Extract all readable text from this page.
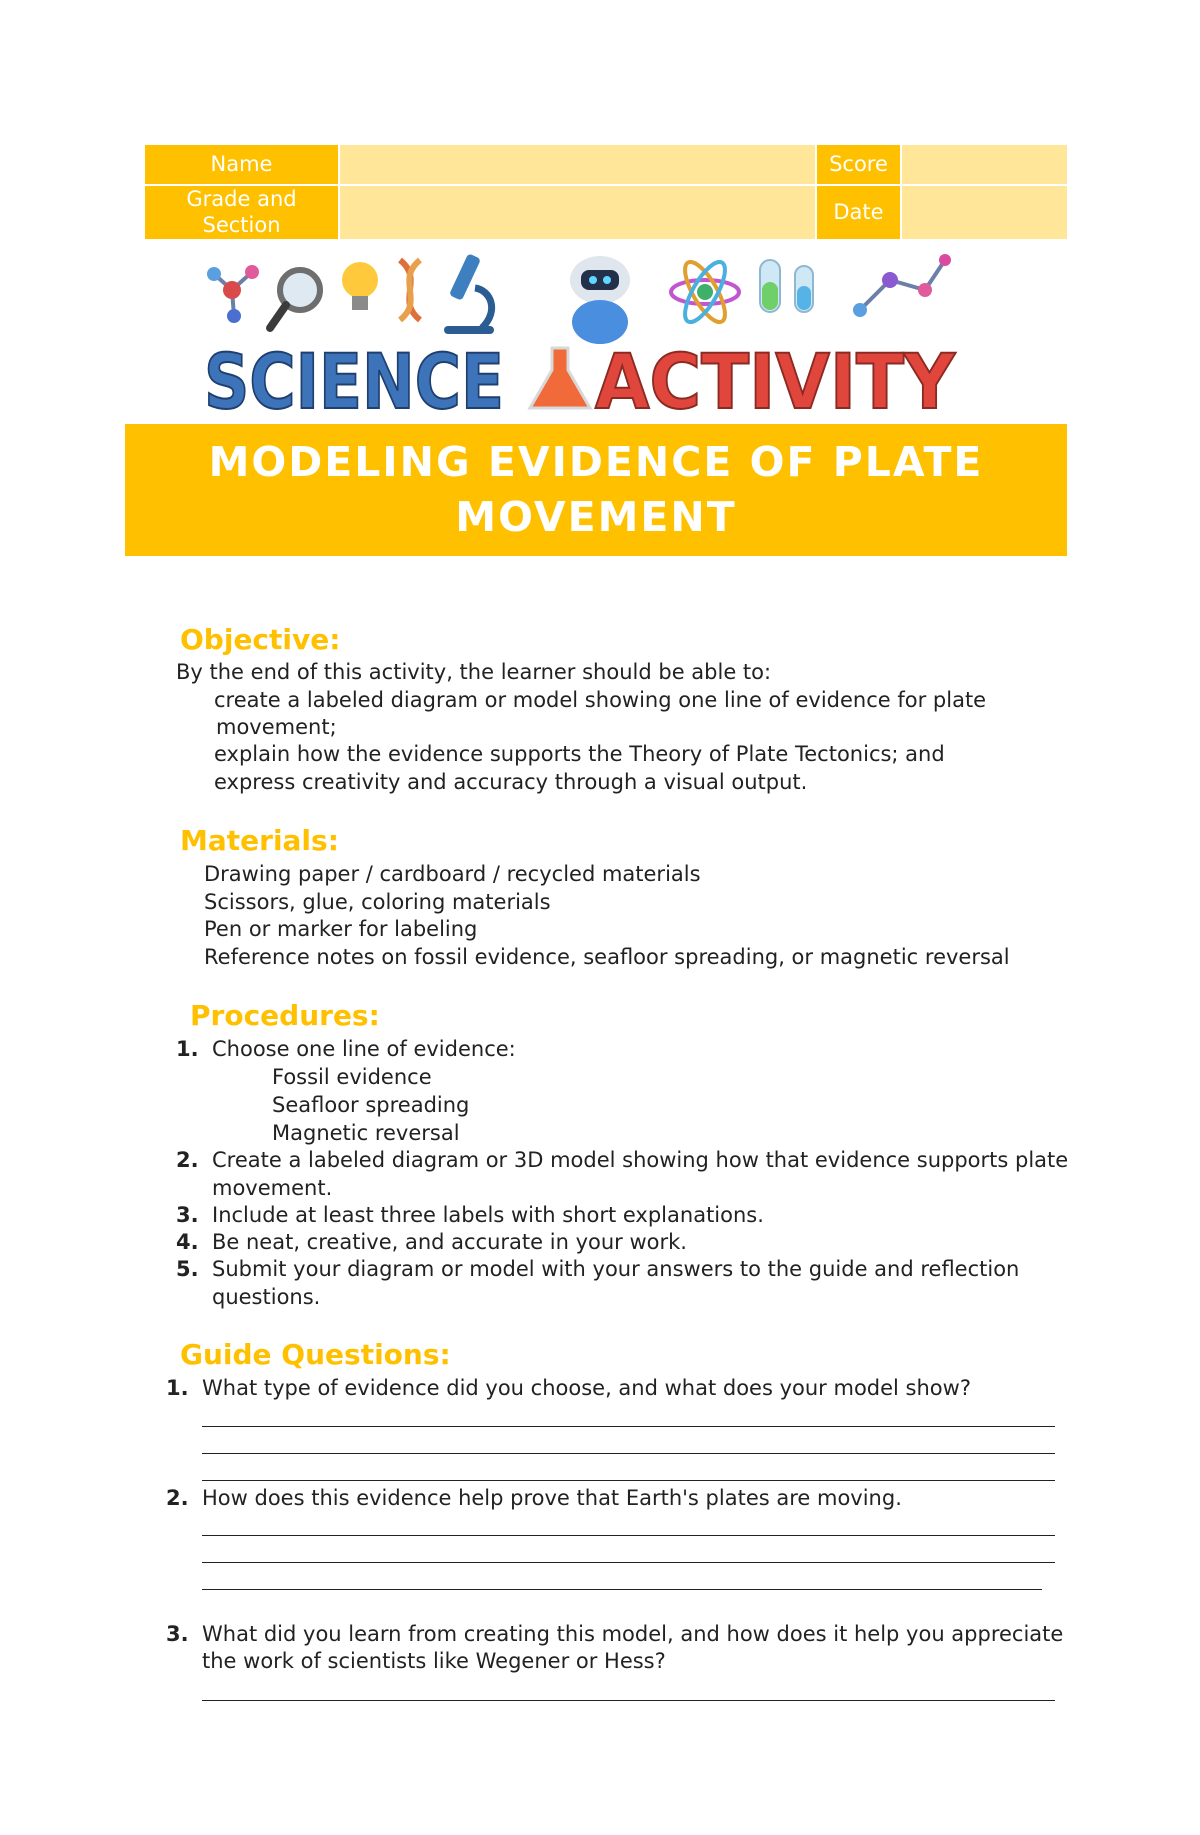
Name		Score	
Grade and Section		Date	
SCIENCE ACTIVITY
MODELING EVIDENCE OF PLATE MOVEMENT
Objective:
By the end of this activity, the learner should be able to:
create a labeled diagram or model showing one line of evidence for plate
movement;
explain how the evidence supports the Theory of Plate Tectonics; and
express creativity and accuracy through a visual output.
Materials:
Drawing paper / cardboard / recycled materials
Scissors, glue, coloring materials
Pen or marker for labeling
Reference notes on fossil evidence, seafloor spreading, or magnetic reversal
Procedures:
1. Choose one line of evidence:
Fossil evidence
Seafloor spreading
Magnetic reversal
2. Create a labeled diagram or 3D model showing how that evidence supports plate
movement.
3. Include at least three labels with short explanations.
4. Be neat, creative, and accurate in your work.
5. Submit your diagram or model with your answers to the guide and reflection
questions.
Guide Questions:
1. What type of evidence did you choose, and what does your model show?
2. How does this evidence help prove that Earth's plates are moving.
3. What did you learn from creating this model, and how does it help you appreciate
the work of scientists like Wegener or Hess?
